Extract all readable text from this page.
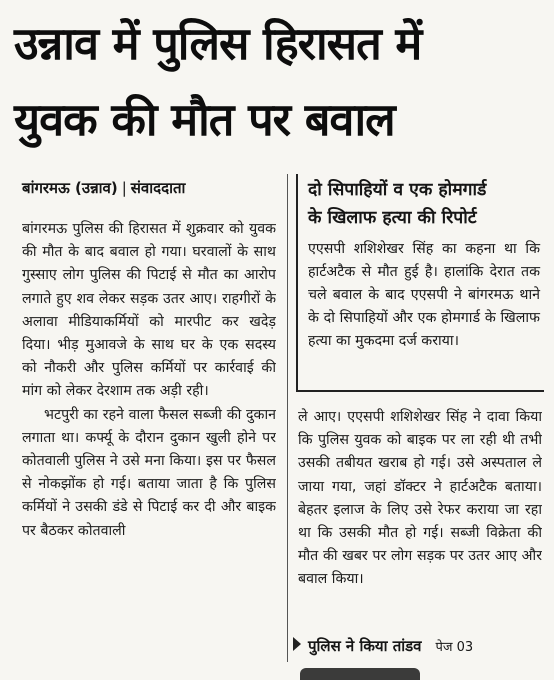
उन्नाव में पुलिस हिरासत में
युवक की मौत पर बवाल
बांगरमऊ (उन्नाव) | संवाददाता

बांगरमऊ पुलिस की हिरासत में शुक्रवार को युवक की मौत के बाद बवाल हो गया। घरवालों के साथ गुस्साए लोग पुलिस की पिटाई से मौत का आरोप लगाते हुए शव लेकर सड़क उतर आए। राहगीरों के अलावा मीडियाकर्मियों को मारपीट कर खदेड़ दिया। भीड़ मुआवजे के साथ घर के एक सदस्य को नौकरी और पुलिस कर्मियों पर कार्रवाई की मांग को लेकर देरशाम तक अड़ी रही।

भटपुरी का रहने वाला फैसल सब्जी की दुकान लगाता था। कर्फ्यू के दौरान दुकान खुली होने पर कोतवाली पुलिस ने उसे मना किया। इस पर फैसल से नोकझोंक हो गई। बताया जाता है कि पुलिस कर्मियों ने उसकी डंडे से पिटाई कर दी और बाइक पर बैठकर कोतवाली

दो सिपाहियों व एक होमगार्ड
के खिलाफ हत्या की रिपोर्ट
एएसपी शशिशेखर सिंह का कहना था कि हार्टअटैक से मौत हुई है। हालांकि देरात तक चले बवाल के बाद एएसपी ने बांगरमऊ थाने के दो सिपाहियों और एक होमगार्ड के खिलाफ हत्या का मुकदमा दर्ज कराया।

ले आए। एएसपी शशिशेखर सिंह ने दावा किया कि पुलिस युवक को बाइक पर ला रही थी तभी उसकी तबीयत खराब हो गई। उसे अस्पताल ले जाया गया, जहां डॉक्टर ने हार्टअटैक बताया। बेहतर इलाज के लिए उसे रेफर कराया जा रहा था कि उसकी मौत हो गई। सब्जी विक्रेता की मौत की खबर पर लोग सड़क पर उतर आए और बवाल किया।

पुलिस ने किया तांडव पेज 03
